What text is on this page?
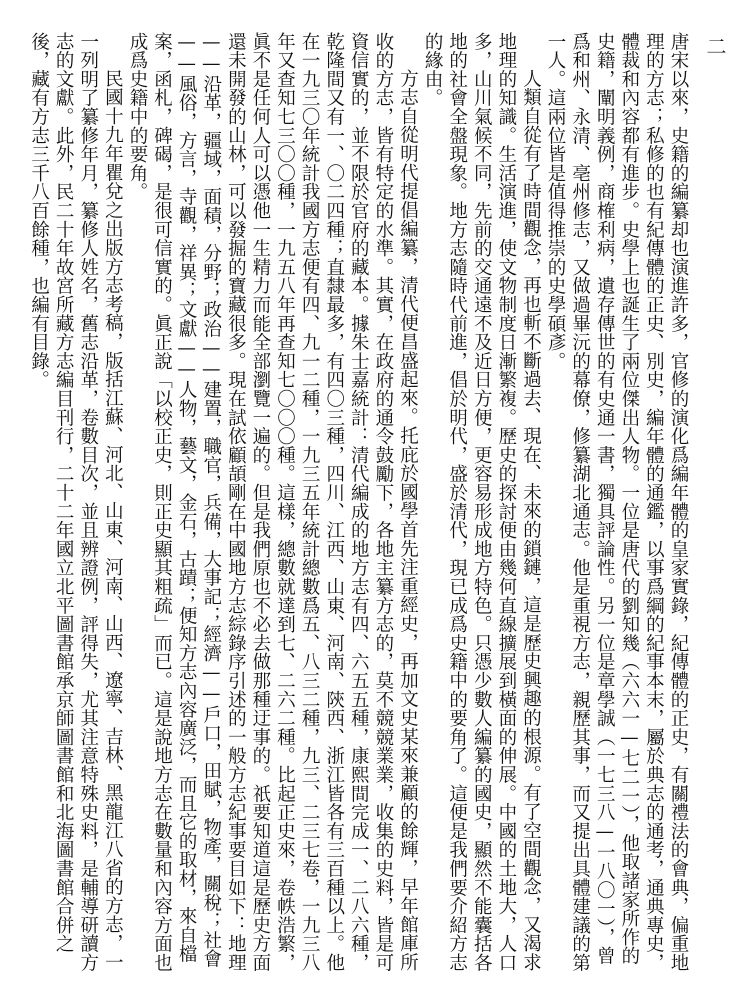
二

唐宋以來，史籍的編纂却也演進許多，官修的演化爲編年體的皇家實錄，紀傳體的正史，有關禮法的會典，偏重地理的方志；私修的也有紀傳體的正史、別史，編年體的通鑑，以事爲綱的紀事本末，屬於典志的通考，通典專史，體裁和內容都有進步。史學上也誕生了兩位傑出人物。一位是唐代的劉知幾（六六一—七二一），他取諸家所作的史籍，闡明義例，商榷利病，遺存傳世的有史通一書，獨具評論性。另一位是章學誠（一七三八—一八〇一），曾爲和州、永清、亳州修志，又做過畢沅的幕僚，修纂湖北通志。他是重視方志，親歷其事，而又提出具體建議的第一人。這兩位皆是值得推崇的史學碩彥。

人類自從有了時間觀念，再也斬不斷過去、現在、未來的鎖鏈，這是歷史興趣的根源。有了空間觀念，又渴求地理的知識。生活演進，使文物制度日漸繁複。歷史的探討便由幾何直線擴展到橫面的伸展。中國的土地大，人口多，山川氣候不同，先前的交通遠不及近日方便，更容易形成地方特色。只憑少數人編纂的國史，顯然不能囊括各地的社會全盤現象。地方志隨時代前進，倡於明代，盛於清代，現已成爲史籍中的要角了。這便是我們要介紹方志的緣由。

方志自從明代提倡編纂，清代便昌盛起來。托庇於國學首先注重經史，再加文史某來兼顧的餘輝，早年館庫所收的方志，皆有特定的水準。其實，在政府的通令鼓勵下，各地主纂方志的，莫不競競業業，收集的史料，皆是可資信實的，並不限於官府的藏本。據朱士嘉統計：清代編成的地方志有四、六五五種，康熙間完成一、二八六種，乾隆間又有一、〇二四種；直隸最多，有四〇三種，四川、江西、山東、河南、陝西、浙江皆各有三百種以上。他在一九三〇年統計我國方志便有四、九一二種，一九三五年統計總數爲五、八三二種，九三、二三七卷，一九三八年又查知七三〇〇種，一九五八年再查知七〇〇〇種。這樣，總數就達到七、二六二種。比起正史來，卷帙浩繁，眞不是任何人可以憑他一生精力而能全部瀏覽一遍的。但是我們原也不必去做那種迂事的。祇要知道這是歷史方面還未開發的山林，可以發掘的寶藏很多。現在試依顧頡剛在中國地方志綜錄序引述的一般方志紀事要目如下：地理——沿革，疆域，面積，分野；政治——建置，職官，兵備，大事記；經濟——戶口，田賦，物產，關稅；社會——風俗，方言，寺觀，祥異；文獻——人物，藝文，金石，古蹟；便知方志內容廣泛，而且它的取材，來自檔案，函札，碑碣，是很可信實的。眞正說「以校正史，則正史顯其粗疏」而已。這是說地方志在數量和內容方面也成爲史籍中的要角。

民國十九年瞿兌之出版方志考稿，版括江蘇、河北、山東、河南、山西、遼寧、吉林、黑龍江八省的方志，一一列明了纂修年月，纂修人姓名，舊志沿革，卷數目次，並且辨證例，評得失，尤其注意特殊史料，是輔導研讀方志的文獻。此外，民二十年故宮所藏方志編目刊行，二十二年國立北平圖書館承京師圖書館和北海圖書館合併之後，藏有方志三千八百餘種，也編有目錄。
